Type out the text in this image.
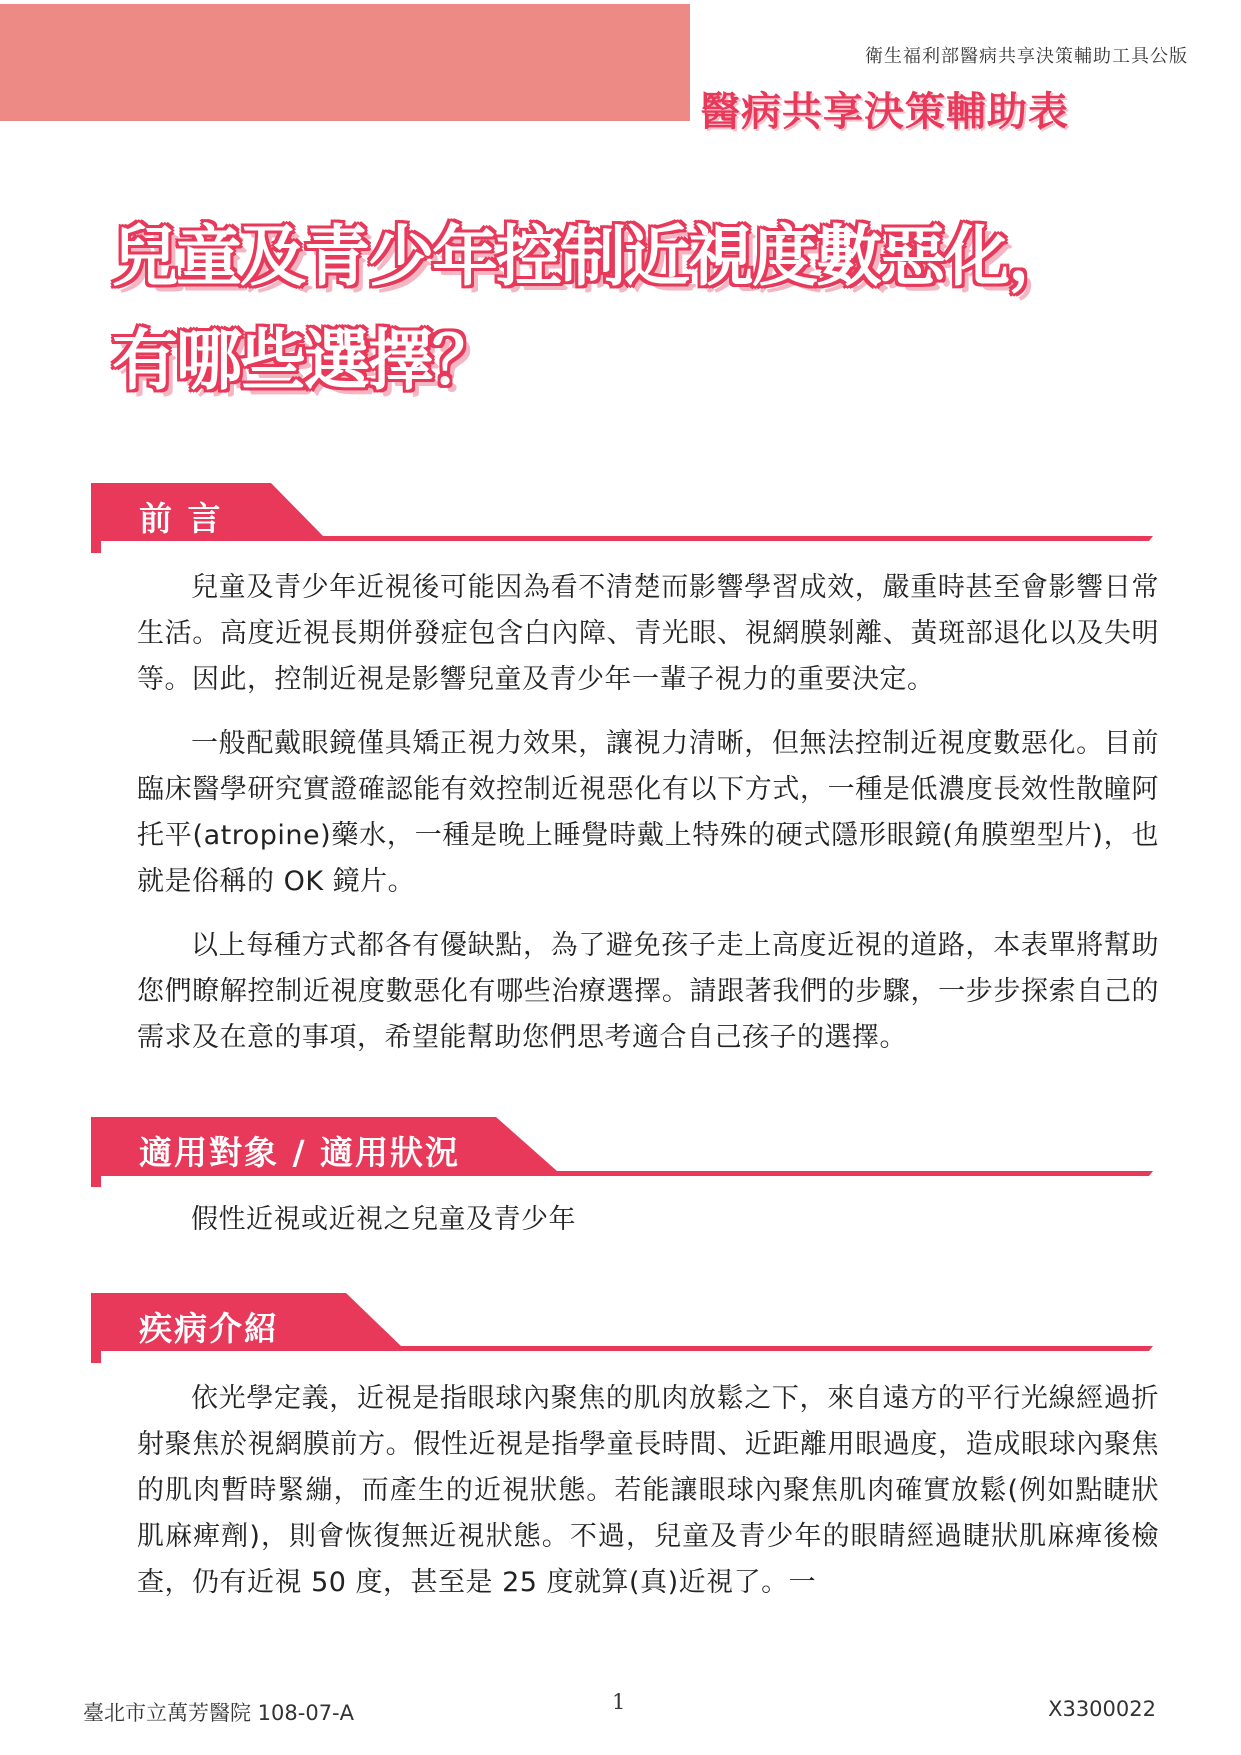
衛生福利部醫病共享決策輔助工具公版
醫病共享決策輔助表
兒童及青少年控制近視度數惡化，
有哪些選擇？
前 言

兒童及青少年近視後可能因為看不清楚而影響學習成效，嚴重時甚至會影響日常生活。高度近視長期併發症包含白內障、青光眼、視網膜剝離、黃斑部退化以及失明等。因此，控制近視是影響兒童及青少年一輩子視力的重要決定。

一般配戴眼鏡僅具矯正視力效果，讓視力清晰，但無法控制近視度數惡化。目前臨床醫學研究實證確認能有效控制近視惡化有以下方式，一種是低濃度長效性散瞳阿托平(atropine)藥水，一種是晚上睡覺時戴上特殊的硬式隱形眼鏡(角膜塑型片)，也就是俗稱的 OK 鏡片。

以上每種方式都各有優缺點，為了避免孩子走上高度近視的道路，本表單將幫助您們瞭解控制近視度數惡化有哪些治療選擇。請跟著我們的步驟，一步步探索自己的需求及在意的事項，希望能幫助您們思考適合自己孩子的選擇。

適用對象 / 適用狀況

假性近視或近視之兒童及青少年

疾病介紹

依光學定義，近視是指眼球內聚焦的肌肉放鬆之下，來自遠方的平行光線經過折射聚焦於視網膜前方。假性近視是指學童長時間、近距離用眼過度，造成眼球內聚焦的肌肉暫時緊繃，而產生的近視狀態。若能讓眼球內聚焦肌肉確實放鬆(例如點睫狀肌麻痺劑)，則會恢復無近視狀態。不過，兒童及青少年的眼睛經過睫狀肌麻痺後檢查，仍有近視 50 度，甚至是 25 度就算(真)近視了。一

臺北市立萬芳醫院 108-07-A	1	X3300022
